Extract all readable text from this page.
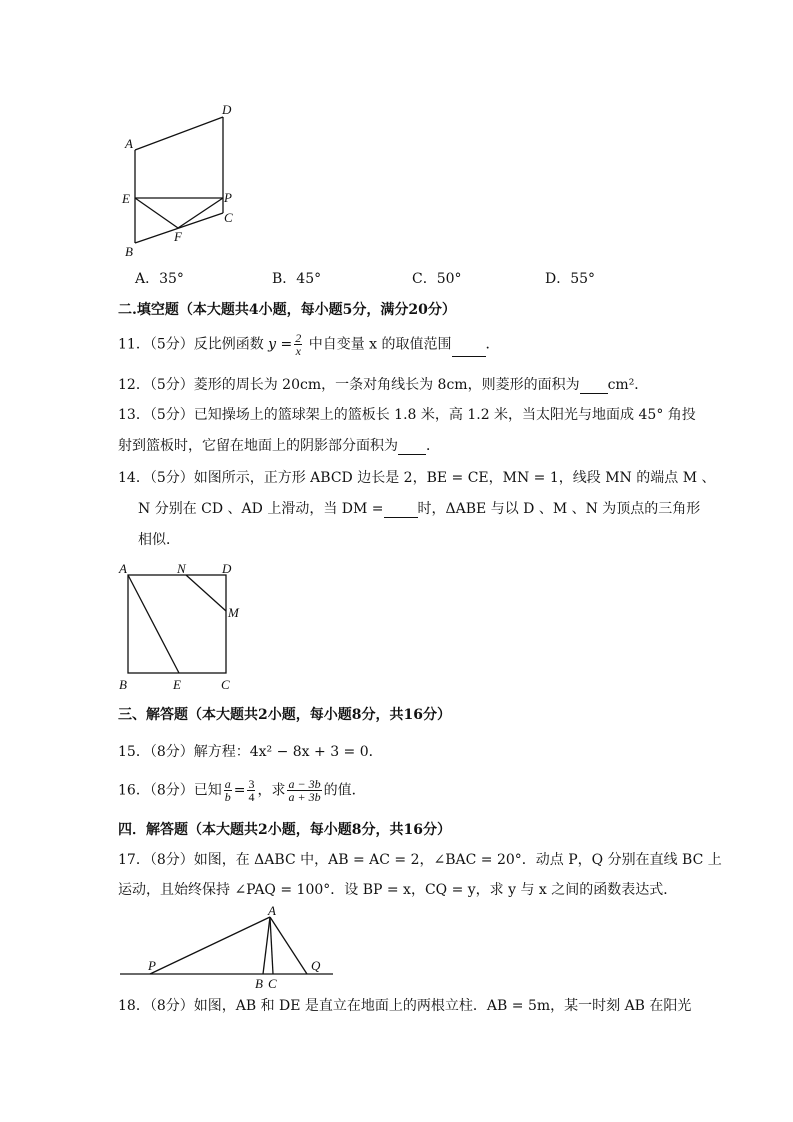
A
D
E	P
C
F
B
A．35°	B．45°	C．50°	D．55°
二.填空题（本大题共4小题，每小题5分，满分20分）
11．（5分）反比例函数 $y = \frac{2}{x}$ 中自变量 x 的取值范围 ．
12．（5分）菱形的周长为 20cm，一条对角线长为 8cm，则菱形的面积为 cm²．
13．（5分）已知操场上的篮球架上的篮板长 1.8 米，高 1.2 米，当太阳光与地面成 45° 角投
射到篮板时，它留在地面上的阴影部分面积为 ．
14．（5分）如图所示，正方形 ABCD 边长是 2，BE = CE，MN = 1，线段 MN 的端点 M 、
N 分别在 CD 、AD 上滑动，当 DM = 时，ΔABE 与以 D 、M 、N 为顶点的三角形
相似．
A	N	D
M
B	E	C
三、解答题（本大题共2小题，每小题8分，共16分）
15．（8分）解方程：4x² − 8x + 3 = 0．
16．（8分）已知 $\frac{a}{b} = \frac{3}{4}$ ，求 $\frac{a - 3b}{a + 3b}$ 的值．
四．解答题（本大题共2小题，每小题8分，共16分）
17．（8分）如图，在 ΔABC 中，AB = AC = 2，∠BAC = 20°．动点 P，Q 分别在直线 BC 上
运动，且始终保持 ∠PAQ = 100°．设 BP = x，CQ = y，求 y 与 x 之间的函数表达式．
A
P
B C
Q
18．（8分）如图，AB 和 DE 是直立在地面上的两根立柱．AB = 5m，某一时刻 AB 在阳光
